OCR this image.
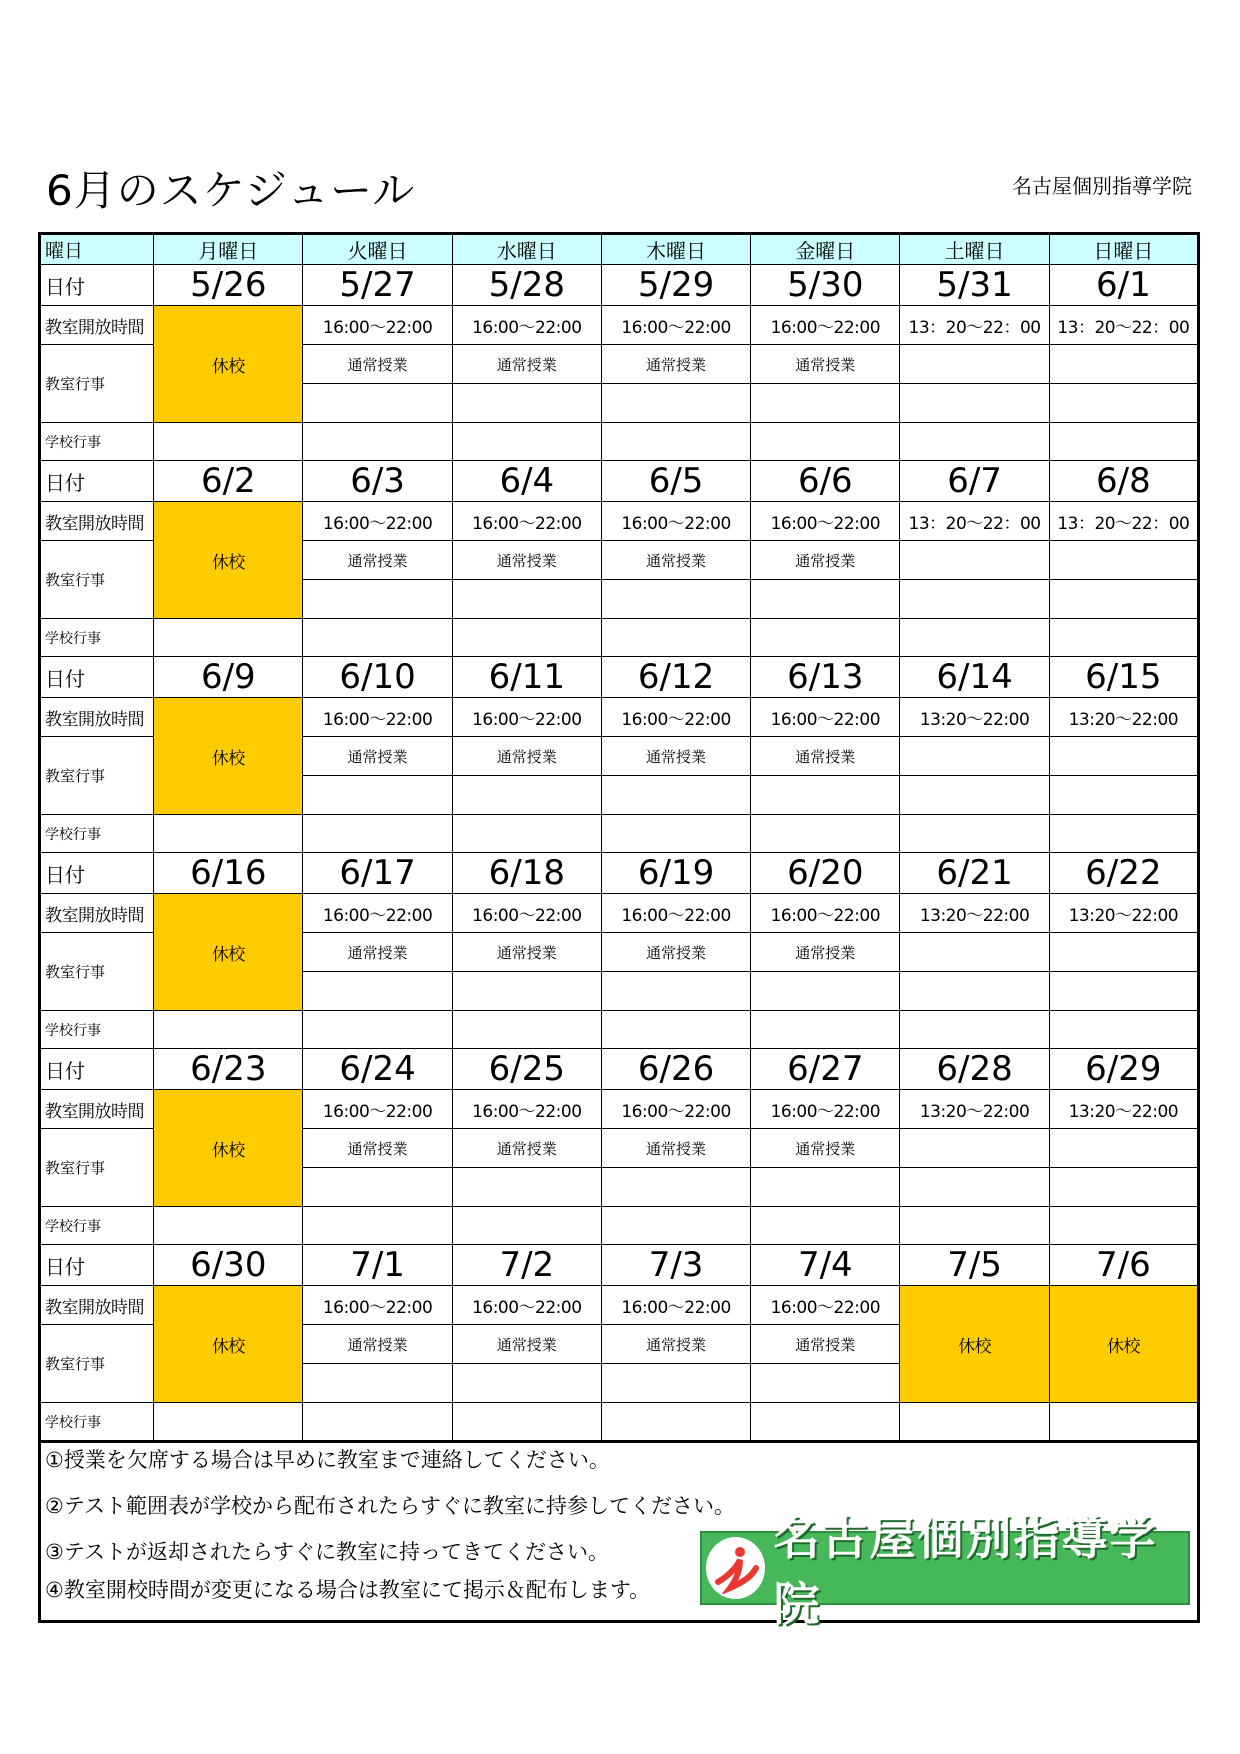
6月のスケジュール	名古屋個別指導学院
曜日	月曜日	火曜日	水曜日	木曜日	金曜日	土曜日	日曜日
日付	5/26	5/27	5/28	5/29	5/30	5/31	6/1
教室開放時間	休校	16:00～22:00	16:00～22:00	16:00～22:00	16:00～22:00	13：20～22：00	13：20～22：00
教室行事		通常授業	通常授業	通常授業	通常授業		

学校行事							
日付	6/2	6/3	6/4	6/5	6/6	6/7	6/8
教室開放時間	休校	16:00～22:00	16:00～22:00	16:00～22:00	16:00～22:00	13：20～22：00	13：20～22：00
教室行事		通常授業	通常授業	通常授業	通常授業		

学校行事							
日付	6/9	6/10	6/11	6/12	6/13	6/14	6/15
教室開放時間	休校	16:00～22:00	16:00～22:00	16:00～22:00	16:00～22:00	13:20～22:00	13:20～22:00
教室行事		通常授業	通常授業	通常授業	通常授業		

学校行事							
日付	6/16	6/17	6/18	6/19	6/20	6/21	6/22
教室開放時間	休校	16:00～22:00	16:00～22:00	16:00～22:00	16:00～22:00	13:20～22:00	13:20～22:00
教室行事		通常授業	通常授業	通常授業	通常授業		

学校行事							
日付	6/23	6/24	6/25	6/26	6/27	6/28	6/29
教室開放時間	休校	16:00～22:00	16:00～22:00	16:00～22:00	16:00～22:00	13:20～22:00	13:20～22:00
教室行事		通常授業	通常授業	通常授業	通常授業		

学校行事							
日付	6/30	7/1	7/2	7/3	7/4	7/5	7/6
教室開放時間	休校	16:00～22:00	16:00～22:00	16:00～22:00	16:00～22:00	休校	休校
教室行事		通常授業	通常授業	通常授業	通常授業		

学校行事							
①授業を欠席する場合は早めに教室まで連絡してください。
②テスト範囲表が学校から配布されたらすぐに教室に持参してください。
③テストが返却されたらすぐに教室に持ってきてください。
④教室開校時間が変更になる場合は教室にて掲示＆配布します。
名古屋個別指導学院
